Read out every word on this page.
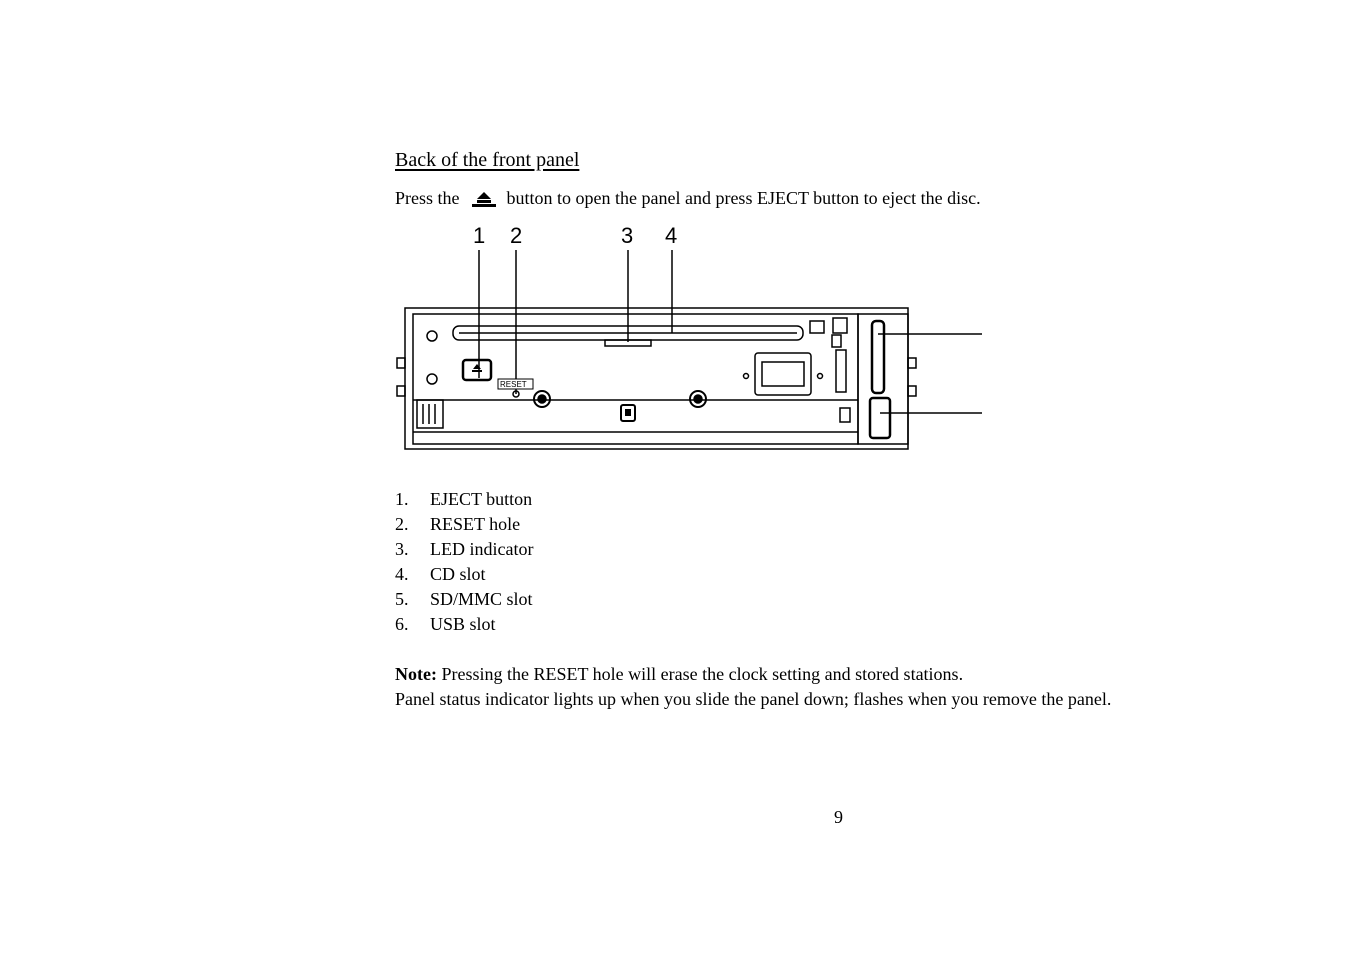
Back of the front panel
Press the	button to open the panel and press EJECT button to eject the disc.
RESET
1 2	3 4
1. EJECT button
2. RESET hole
3. LED indicator
4. CD slot
5. SD/MMC slot
6. USB slot
Note: Pressing the RESET hole will erase the clock setting and stored stations.
Panel status indicator lights up when you slide the panel down; flashes when you remove the panel.
9
